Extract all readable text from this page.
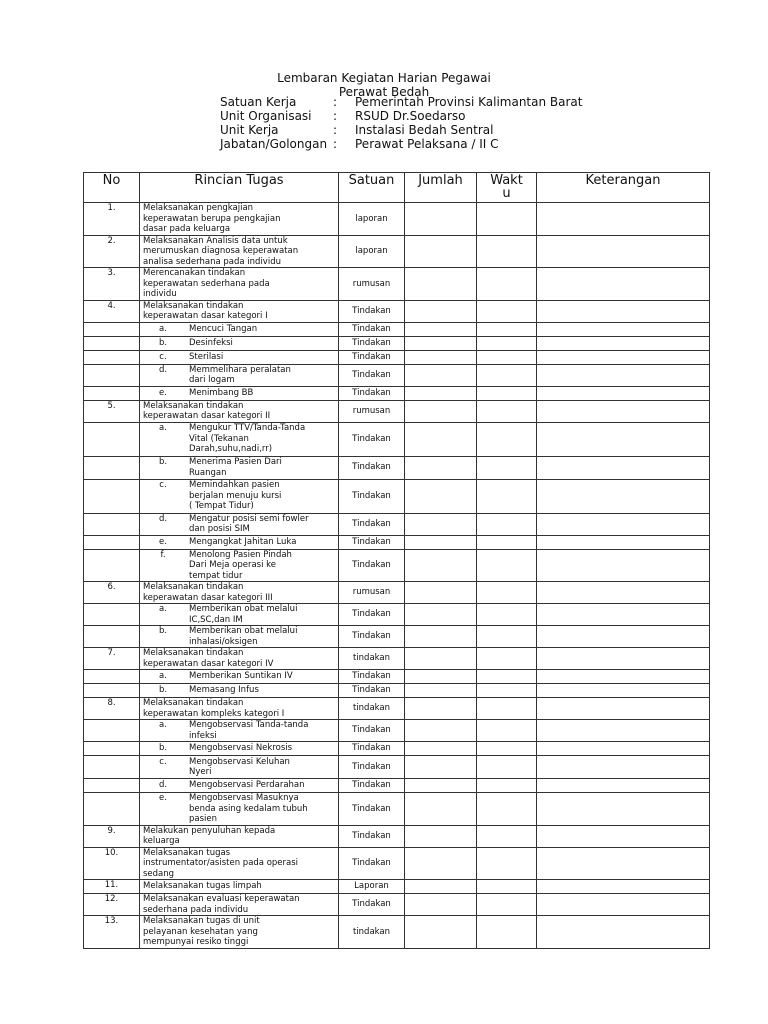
Lembaran Kegiatan Harian Pegawai
Perawat Bedah
Satuan Kerja	: Pemerintah Provinsi Kalimantan Barat
Unit Organisasi : RSUD Dr.Soedarso
Unit Kerja	: Instalasi Bedah Sentral
Jabatan/Golongan : Perawat Pelaksana / II C
No	Rincian Tugas	Satuan	Jumlah	Wakt
u	Keterangan
1.	Melaksanakan pengkajian
keperawatan berupa pengkajian
dasar pada keluarga	laporan			
2.	Melaksanakan Analisis data untuk
merumuskan diagnosa keperawatan
analisa sederhana pada individu	laporan			
3.	Merencanakan tindakan
keperawatan sederhana pada
individu	rumusan			
4.	Melaksanakan tindakan
keperawatan dasar kategori I	Tindakan			

	a. Mencuci Tangan	Tindakan			

	b. Desinfeksi	Tindakan			

	c. Sterilasi	Tindakan			

	d. Memmelihara peralatan
dari logam	Tindakan			

	e. Menimbang BB	Tindakan			
5.	Melaksanakan tindakan
keperawatan dasar kategori II	rumusan			

	a. Mengukur TTV/Tanda-Tanda
Vital (Tekanan
Darah,suhu,nadi,rr)	Tindakan			

	b. Menerima Pasien Dari
Ruangan	Tindakan			

	c. Memindahkan pasien
berjalan menuju kursi
( Tempat Tidur)	Tindakan			

	d. Mengatur posisi semi fowler
dan posisi SIM	Tindakan			

	e. Mengangkat Jahitan Luka	Tindakan			

	f. Menolong Pasien Pindah
Dari Meja operasi ke
tempat tidur	Tindakan			
6.	Melaksanakan tindakan
keperawatan dasar kategori III	rumusan			

	a. Memberikan obat melalui
IC,SC,dan IM	Tindakan			

	b. Memberikan obat melalui
inhalasi/oksigen	Tindakan			
7.	Melaksanakan tindakan
keperawatan dasar kategori IV	tindakan			

	a. Memberikan Suntikan IV	Tindakan			

	b. Memasang Infus	Tindakan			
8.	Melaksanakan tindakan
keperawatan kompleks kategori I	tindakan			

	a. Mengobservasi Tanda-tanda
infeksi	Tindakan			

	b. Mengobservasi Nekrosis	Tindakan			

	c. Mengobservasi Keluhan
Nyeri	Tindakan			

	d. Mengobservasi Perdarahan	Tindakan			

	e. Mengobservasi Masuknya
benda asing kedalam tubuh
pasien	Tindakan			
9.	Melakukan penyuluhan kepada
keluarga	Tindakan			
10.	Melaksanakan tugas
instrumentator/asisten pada operasi
sedang	Tindakan			
11.	Melaksanakan tugas limpah	Laporan			
12.	Melaksanakan evaluasi keperawatan
sederhana pada individu	Tindakan			
13.	Melaksanakan tugas di unit
pelayanan kesehatan yang
mempunyai resiko tinggi	tindakan			
